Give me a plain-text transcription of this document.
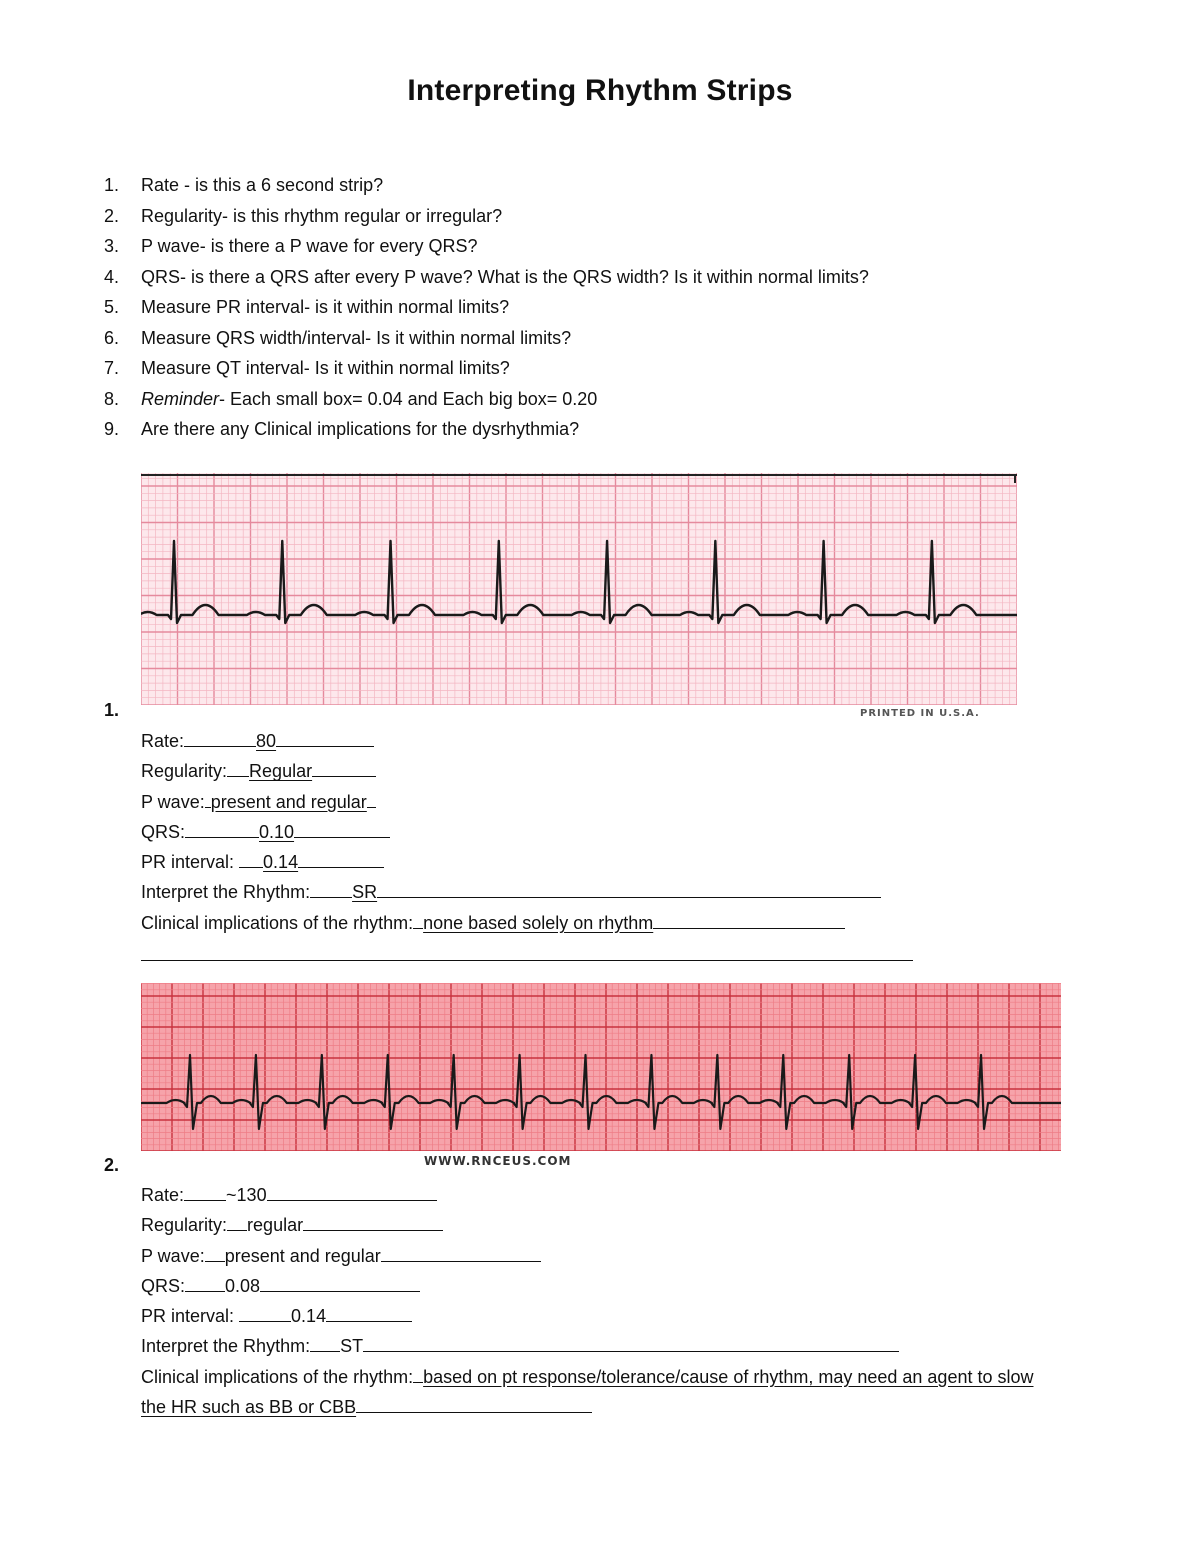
Interpreting Rhythm Strips
1. Rate - is this a 6 second strip?
2. Regularity- is this rhythm regular or irregular?
3. P wave- is there a P wave for every QRS?
4. QRS- is there a QRS after every P wave? What is the QRS width? Is it within normal limits?
5. Measure PR interval- is it within normal limits?
6. Measure QRS width/interval- Is it within normal limits?
7. Measure QT interval- Is it within normal limits?
8. Reminder- Each small box= 0.04 and Each big box= 0.20
9. Are there any Clinical implications for the dysrhythmia?
PRINTED IN U.S.A.
1.
Rate:	80
Regularity: Regular
P wave: present and regular
QRS:	0.10
PR interval: 0.14
Interpret the Rhythm: SR
Clinical implications of the rhythm: none based solely on rhythm
WWW.RNCEUS.COM
2.
Rate: ~130
Regularity: regular
P wave: present and regular
QRS: 0.08
PR interval:	0.14
Interpret the Rhythm: ST
Clinical implications of the rhythm: based on pt response/tolerance/cause of rhythm, may need an agent to slow
the HR such as BB or CBB
